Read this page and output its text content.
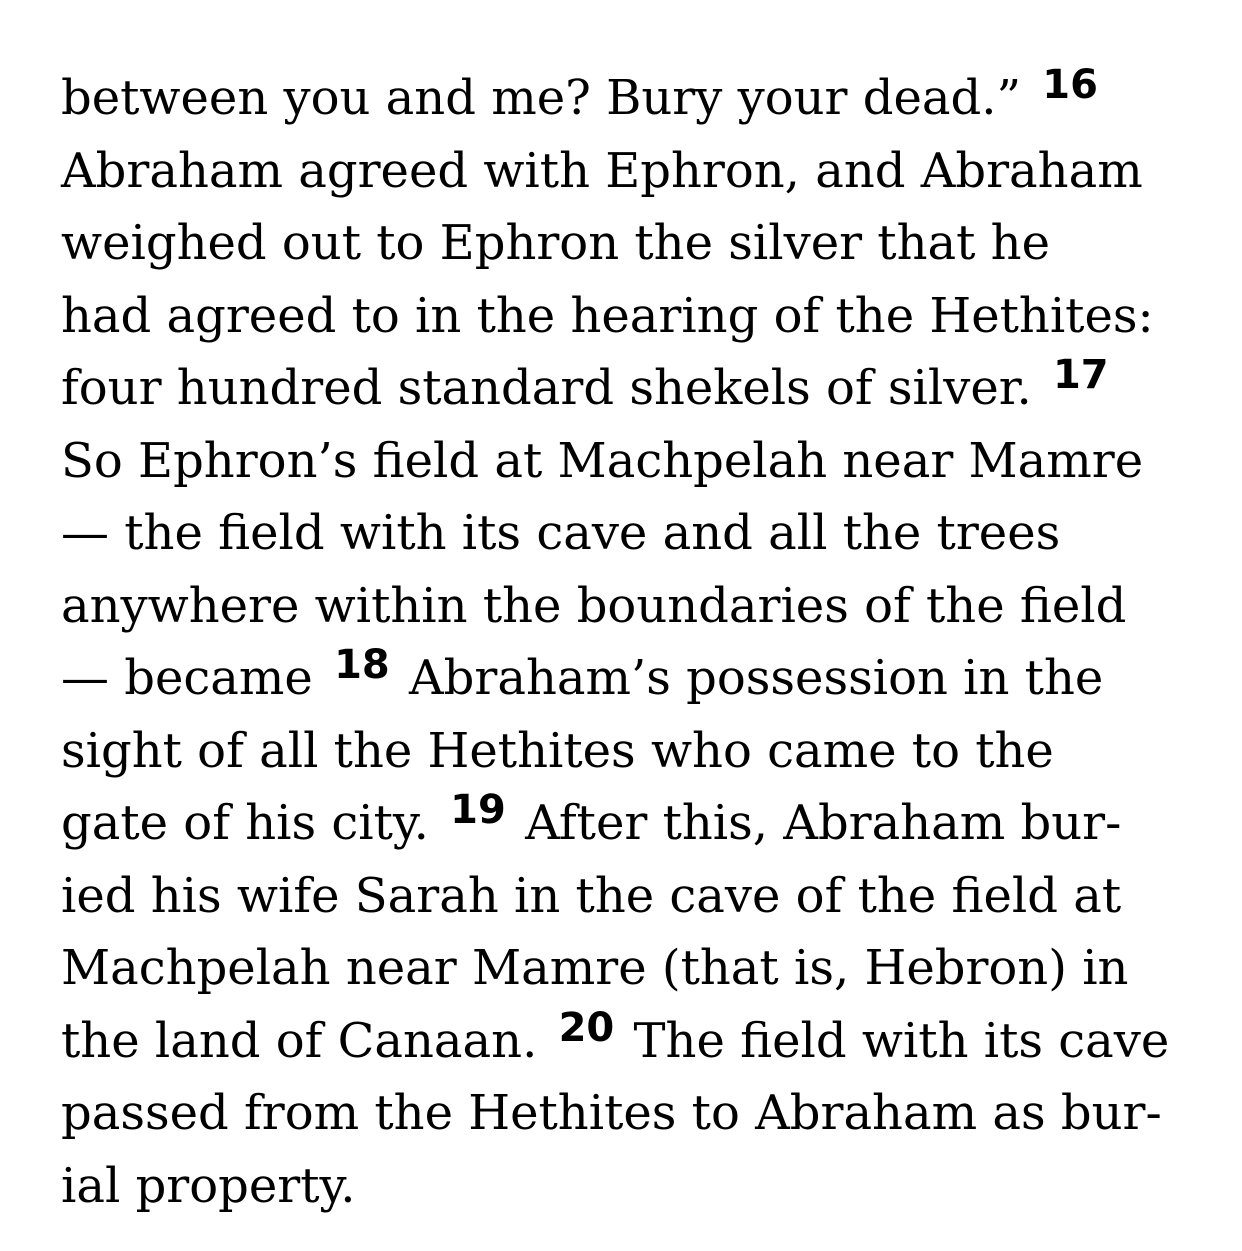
between you and me? Bury your dead.” $^{16}$
Abraham agreed with Ephron, and Abraham
weighed out to Ephron the silver that he
had agreed to in the hearing of the Hethites:
four hundred standard shekels of silver. $^{17}$
So Ephron’s field at Machpelah near Mamre
— the field with its cave and all the trees
anywhere within the boundaries of the field
— became $^{18}$ Abraham’s possession in the
sight of all the Hethites who came to the
gate of his city. $^{19}$ After this, Abraham bur-
ied his wife Sarah in the cave of the field at
Machpelah near Mamre (that is, Hebron) in
the land of Canaan. $^{20}$ The field with its cave
passed from the Hethites to Abraham as bur-
ial property.
